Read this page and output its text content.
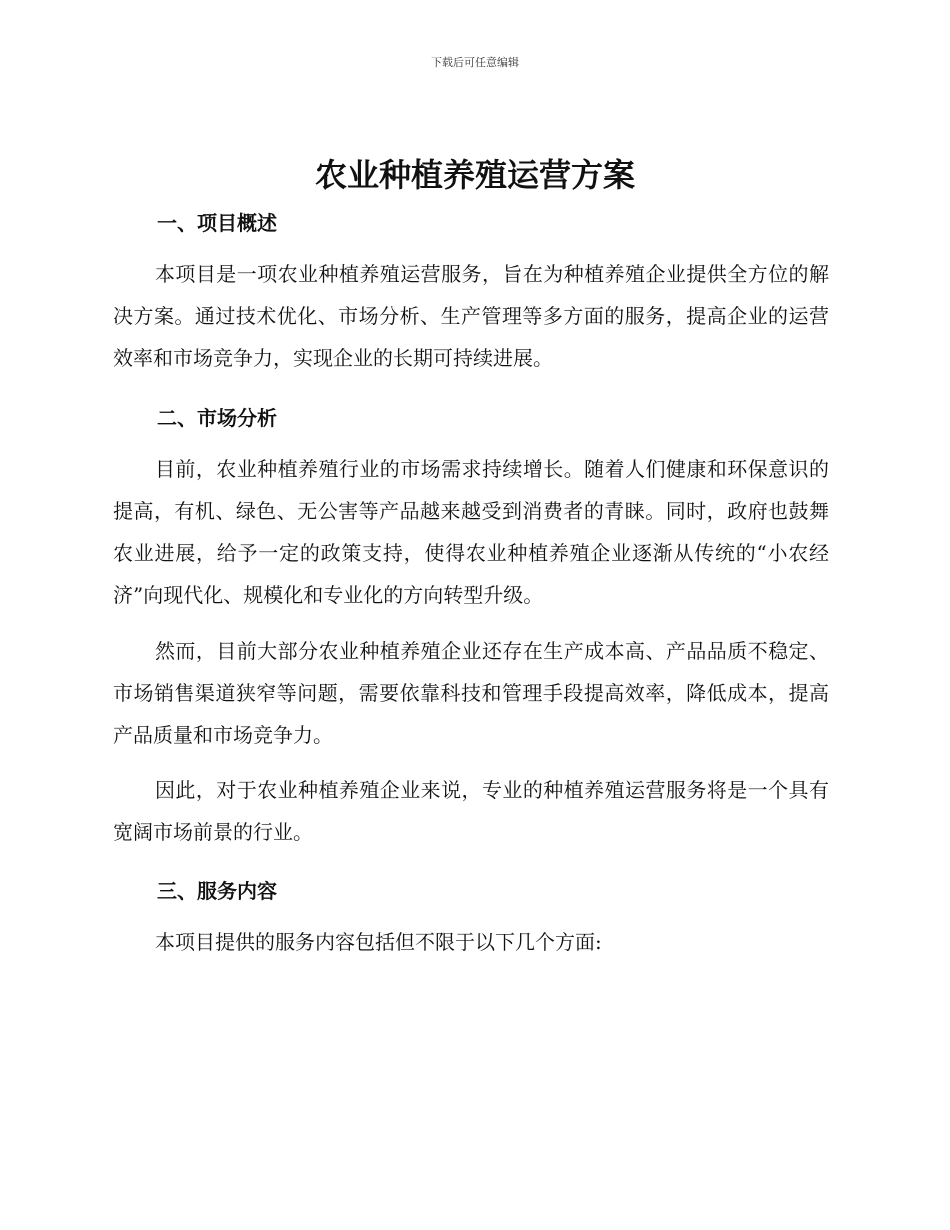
下载后可任意编辑
农业种植养殖运营方案
一、项目概述
本项目是一项农业种植养殖运营服务，旨在为种植养殖企业提供全方位的解决方案。通过技术优化、市场分析、生产管理等多方面的服务，提高企业的运营效率和市场竞争力，实现企业的长期可持续进展。
二、市场分析
目前，农业种植养殖行业的市场需求持续增长。随着人们健康和环保意识的提高，有机、绿色、无公害等产品越来越受到消费者的青睐。同时，政府也鼓舞农业进展，给予一定的政策支持，使得农业种植养殖企业逐渐从传统的“小农经济”向现代化、规模化和专业化的方向转型升级。
然而，目前大部分农业种植养殖企业还存在生产成本高、产品品质不稳定、市场销售渠道狭窄等问题，需要依靠科技和管理手段提高效率，降低成本，提高产品质量和市场竞争力。
因此，对于农业种植养殖企业来说，专业的种植养殖运营服务将是一个具有宽阔市场前景的行业。
三、服务内容
本项目提供的服务内容包括但不限于以下几个方面:
